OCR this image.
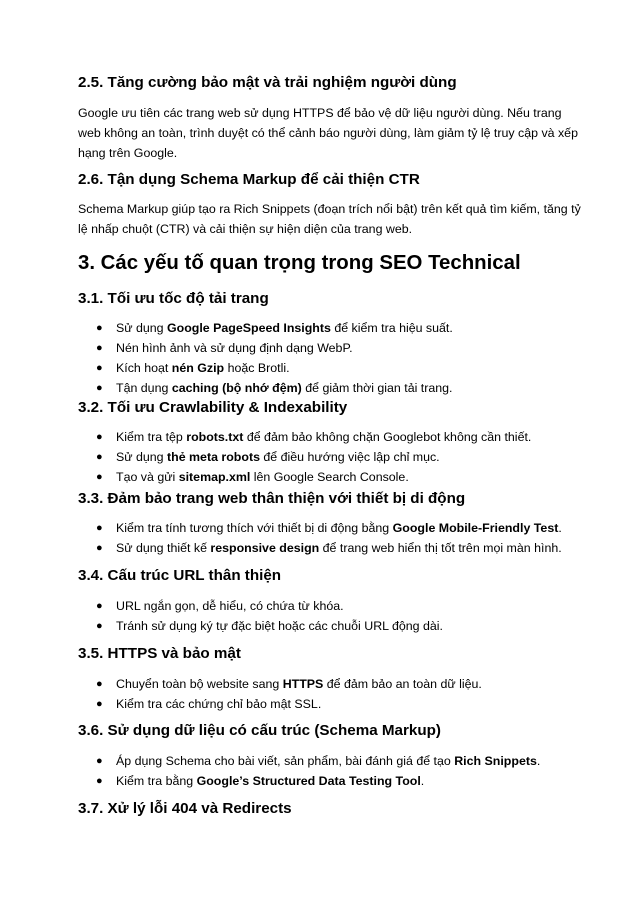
2.5. Tăng cường bảo mật và trải nghiệm người dùng
Google ưu tiên các trang web sử dụng HTTPS để bảo vệ dữ liệu người dùng. Nếu trang
web không an toàn, trình duyệt có thể cảnh báo người dùng, làm giảm tỷ lệ truy cập và xếp
hạng trên Google.
2.6. Tận dụng Schema Markup để cải thiện CTR
Schema Markup giúp tạo ra Rich Snippets (đoạn trích nổi bật) trên kết quả tìm kiếm, tăng tỷ
lệ nhấp chuột (CTR) và cải thiện sự hiện diện của trang web.
3. Các yếu tố quan trọng trong SEO Technical
3.1. Tối ưu tốc độ tải trang
● Sử dụng Google PageSpeed Insights để kiểm tra hiệu suất.
● Nén hình ảnh và sử dụng định dạng WebP.
● Kích hoạt nén Gzip hoặc Brotli.
● Tận dụng caching (bộ nhớ đệm) để giảm thời gian tải trang.
3.2. Tối ưu Crawlability & Indexability
● Kiểm tra tệp robots.txt để đảm bảo không chặn Googlebot không cần thiết.
● Sử dụng thẻ meta robots để điều hướng việc lập chỉ mục.
● Tạo và gửi sitemap.xml lên Google Search Console.
3.3. Đảm bảo trang web thân thiện với thiết bị di động
● Kiểm tra tính tương thích với thiết bị di động bằng Google Mobile-Friendly Test.
● Sử dụng thiết kế responsive design để trang web hiển thị tốt trên mọi màn hình.
3.4. Cấu trúc URL thân thiện
● URL ngắn gọn, dễ hiểu, có chứa từ khóa.
● Tránh sử dụng ký tự đặc biệt hoặc các chuỗi URL động dài.
3.5. HTTPS và bảo mật
● Chuyển toàn bộ website sang HTTPS để đảm bảo an toàn dữ liệu.
● Kiểm tra các chứng chỉ bảo mật SSL.
3.6. Sử dụng dữ liệu có cấu trúc (Schema Markup)
● Áp dụng Schema cho bài viết, sản phẩm, bài đánh giá để tạo Rich Snippets.
● Kiểm tra bằng Google’s Structured Data Testing Tool.
3.7. Xử lý lỗi 404 và Redirects
